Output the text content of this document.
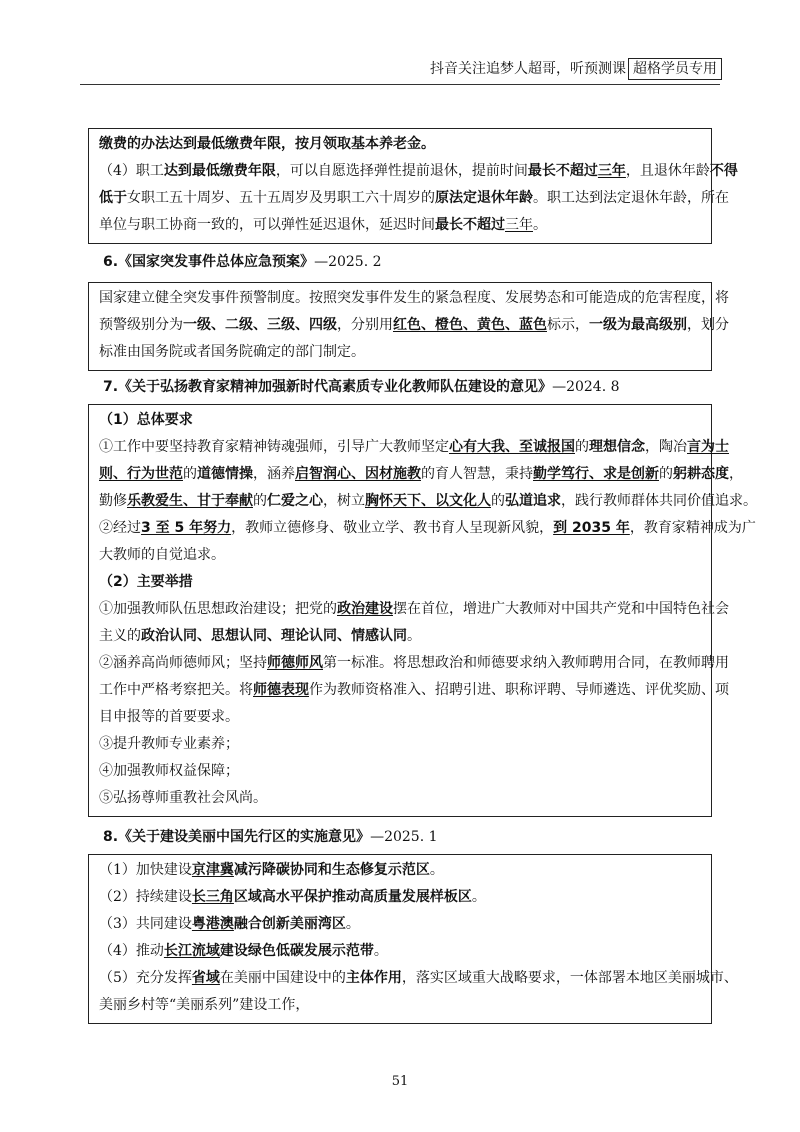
抖音关注追梦人超哥，听预测课 超格学员专用
缴费的办法达到最低缴费年限，按月领取基本养老金。
（4）职工达到最低缴费年限，可以自愿选择弹性提前退休，提前时间最长不超过三年，且退休年龄不得
低于女职工五十周岁、五十五周岁及男职工六十周岁的原法定退休年龄。职工达到法定退休年龄，所在
单位与职工协商一致的，可以弹性延迟退休，延迟时间最长不超过三年。
6.《国家突发事件总体应急预案》—2025. 2
国家建立健全突发事件预警制度。按照突发事件发生的紧急程度、发展势态和可能造成的危害程度，将
预警级别分为一级、二级、三级、四级，分别用红色、橙色、黄色、蓝色标示，一级为最高级别，划分
标准由国务院或者国务院确定的部门制定。
7.《关于弘扬教育家精神加强新时代高素质专业化教师队伍建设的意见》—2024. 8
（1）总体要求
①工作中要坚持教育家精神铸魂强师，引导广大教师坚定心有大我、至诚报国的理想信念，陶冶言为士
则、行为世范的道德情操，涵养启智润心、因材施教的育人智慧，秉持勤学笃行、求是创新的躬耕态度，
勤修乐教爱生、甘于奉献的仁爱之心，树立胸怀天下、以文化人的弘道追求，践行教师群体共同价值追求。
②经过3 至 5 年努力，教师立德修身、敬业立学、教书育人呈现新风貌，到 2035 年，教育家精神成为广
大教师的自觉追求。
（2）主要举措
①加强教师队伍思想政治建设；把党的政治建设摆在首位，增进广大教师对中国共产党和中国特色社会
主义的政治认同、思想认同、理论认同、情感认同。
②涵养高尚师德师风；坚持师德师风第一标准。将思想政治和师德要求纳入教师聘用合同，在教师聘用
工作中严格考察把关。将师德表现作为教师资格准入、招聘引进、职称评聘、导师遴选、评优奖励、项
目申报等的首要要求。
③提升教师专业素养；
④加强教师权益保障；
⑤弘扬尊师重教社会风尚。
8.《关于建设美丽中国先行区的实施意见》—2025. 1
（1）加快建设京津冀减污降碳协同和生态修复示范区。
（2）持续建设长三角区域高水平保护推动高质量发展样板区。
（3）共同建设粤港澳融合创新美丽湾区。
（4）推动长江流域建设绿色低碳发展示范带。
（5）充分发挥省域在美丽中国建设中的主体作用，落实区域重大战略要求，一体部署本地区美丽城市、
美丽乡村等“美丽系列”建设工作，
51
